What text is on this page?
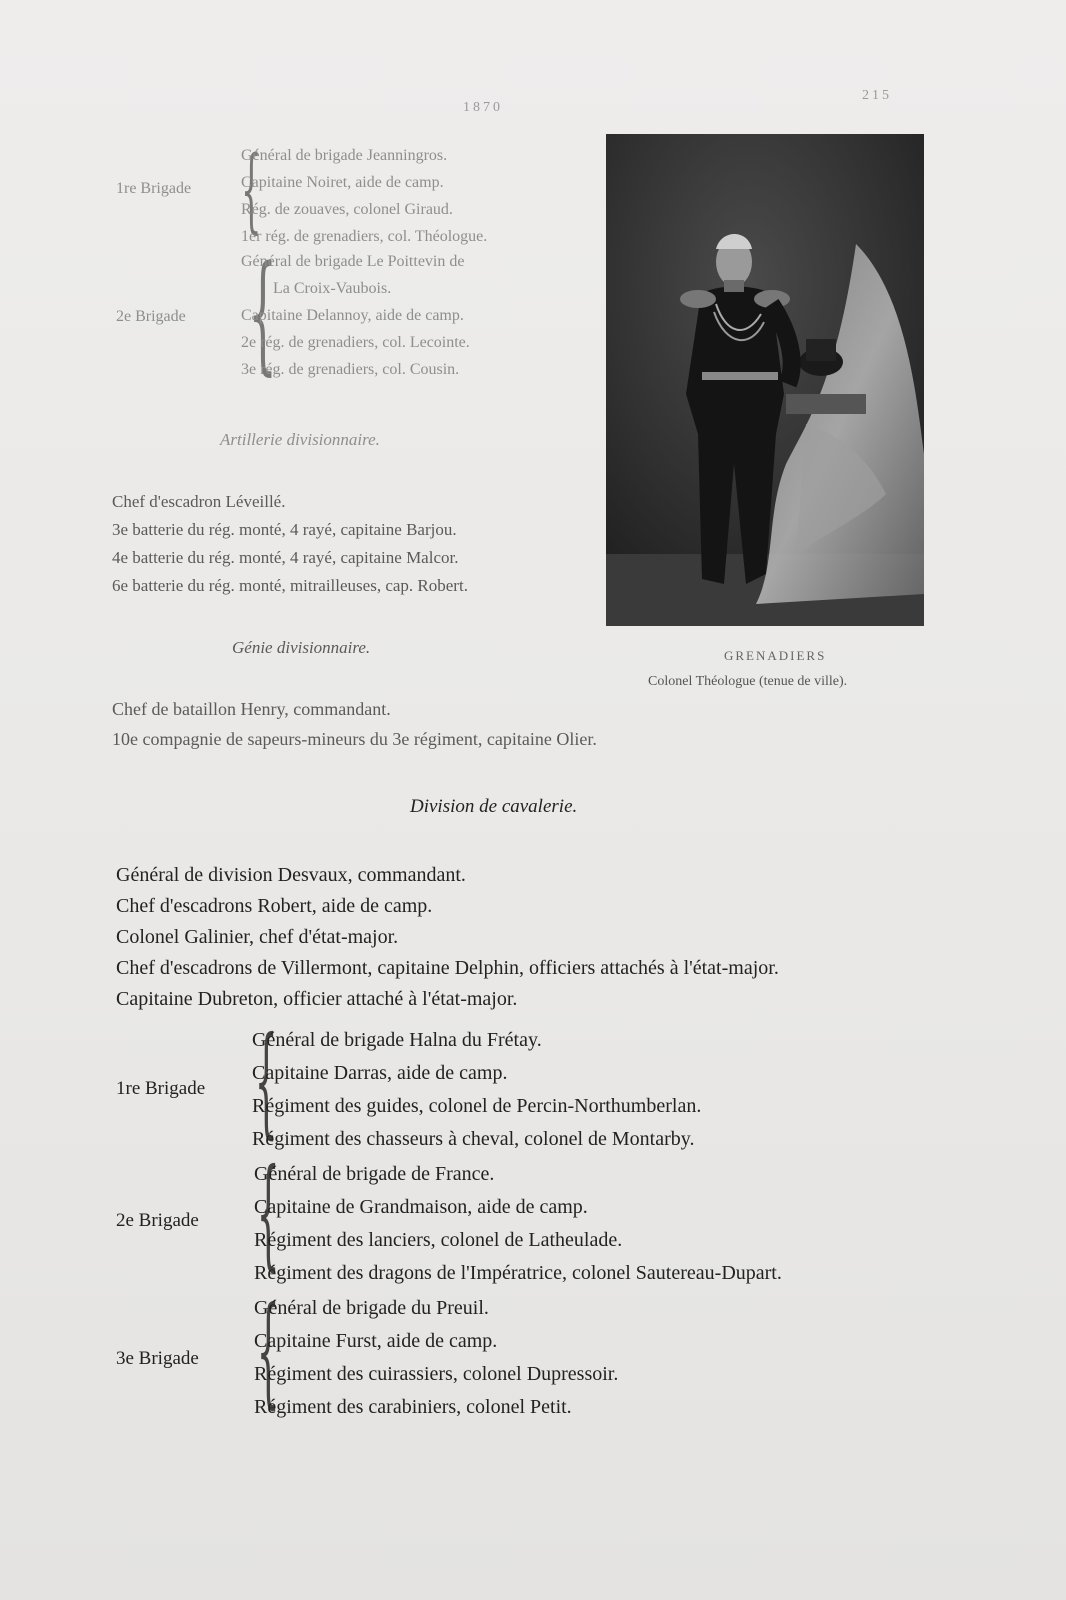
1870
215
1re Brigade {
Général de brigade Jeanningros.
Capitaine Noiret, aide de camp.
Rég. de zouaves, colonel Giraud.
1er rég. de grenadiers, col. Théologue.
2e Brigade {
Général de brigade Le Poittevin de
La Croix-Vaubois.
Capitaine Delannoy, aide de camp.
2e rég. de grenadiers, col. Lecointe.
3e rég. de grenadiers, col. Cousin.
Artillerie divisionnaire.
Chef d'escadron Léveillé.
3e batterie du rég. monté, 4 rayé, capitaine Barjou.
4e batterie du rég. monté, 4 rayé, capitaine Malcor.
6e batterie du rég. monté, mitrailleuses, cap. Robert.
Génie divisionnaire.
Chef de bataillon Henry, commandant.
10e compagnie de sapeurs-mineurs du 3e régiment, capitaine Olier.
GRENADIERS
Colonel Théologue (tenue de ville).
Division de cavalerie.
Général de division Desvaux, commandant.
Chef d'escadrons Robert, aide de camp.
Colonel Galinier, chef d'état-major.
Chef d'escadrons de Villermont, capitaine Delphin, officiers attachés à l'état-major.
Capitaine Dubreton, officier attaché à l'état-major.
1re Brigade {
Général de brigade Halna du Frétay.
Capitaine Darras, aide de camp.
Régiment des guides, colonel de Percin-Northumberlan.
Régiment des chasseurs à cheval, colonel de Montarby.
2e Brigade {
Général de brigade de France.
Capitaine de Grandmaison, aide de camp.
Régiment des lanciers, colonel de Latheulade.
Régiment des dragons de l'Impératrice, colonel Sautereau-Dupart.
3e Brigade {
Général de brigade du Preuil.
Capitaine Furst, aide de camp.
Régiment des cuirassiers, colonel Dupressoir.
Régiment des carabiniers, colonel Petit.
